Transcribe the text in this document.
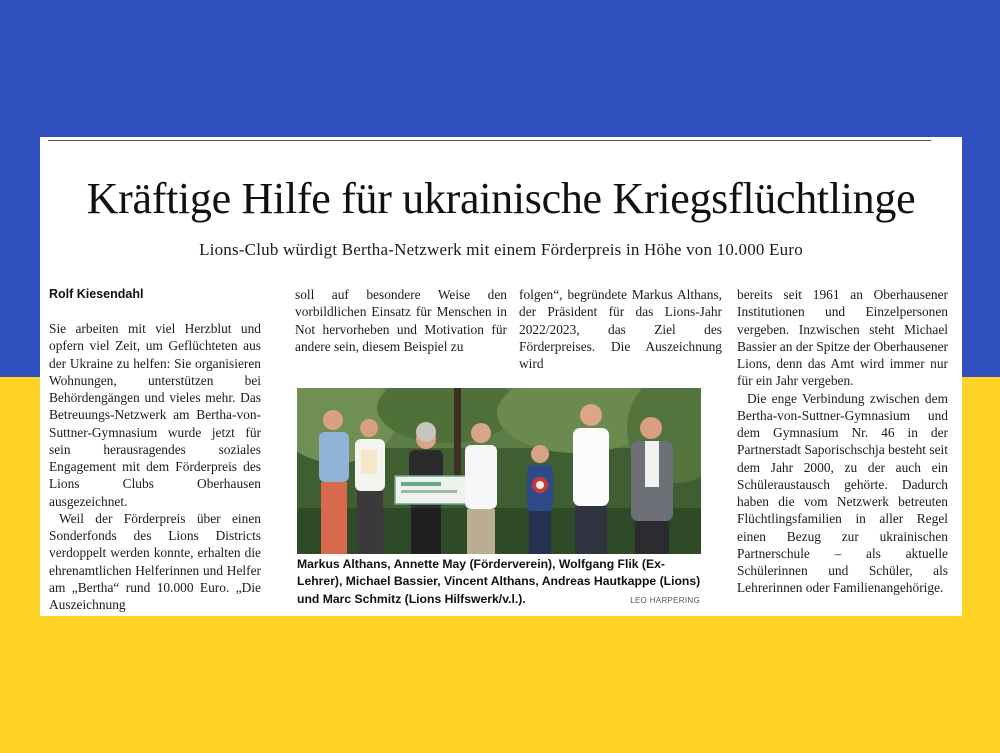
Kräftige Hilfe für ukrainische Kriegsflüchtlinge
Lions-Club würdigt Bertha-Netzwerk mit einem Förderpreis in Höhe von 10.000 Euro
Rolf Kiesendahl

Sie arbeiten mit viel Herzblut und opfern viel Zeit, um Geflüchteten aus der Ukraine zu helfen: Sie organisieren Wohnungen, unterstützen bei Behördengängen und vieles mehr. Das Betreuungs-Netzwerk am Bertha-von-Suttner-Gymnasium wurde jetzt für sein herausragendes soziales Engagement mit dem Förderpreis des Lions Clubs Oberhausen ausgezeichnet.

Weil der Förderpreis über einen Sonderfonds des Lions Districts verdoppelt werden konnte, erhalten die ehrenamtlichen Helferinnen und Helfer am „Bertha“ rund 10.000 Euro. „Die Auszeichnung

soll auf besondere Weise den vorbildlichen Einsatz für Menschen in Not hervorheben und Motivation für andere sein, diesem Beispiel zu

folgen“, begründete Markus Althans, der Präsident für das Lions-Jahr 2022/2023, das Ziel des Förderpreises. Die Auszeichnung wird

bereits seit 1961 an Oberhausener Institutionen und Einzelpersonen vergeben. Inzwischen steht Michael Bassier an der Spitze der Oberhausener Lions, denn das Amt wird immer nur für ein Jahr vergeben.

Die enge Verbindung zwischen dem Bertha-von-Suttner-Gymnasium und dem Gymnasium Nr. 46 in der Partnerstadt Saporischschja besteht seit dem Jahr 2000, zu der auch ein Schüleraustausch gehörte. Dadurch haben die vom Netzwerk betreuten Flüchtlingsfamilien in aller Regel einen Bezug zur ukrainischen Partnerschule – als aktuelle Schülerinnen und Schüler, als Lehrerinnen oder Familienangehörige.

Markus Althans, Annette May (Förderverein), Wolfgang Flik (Ex-Lehrer), Michael Bassier, Vincent Althans, Andreas Hautkappe (Lions) und Marc Schmitz (Lions Hilfswerk/v.l.).	LEO HARPERING
